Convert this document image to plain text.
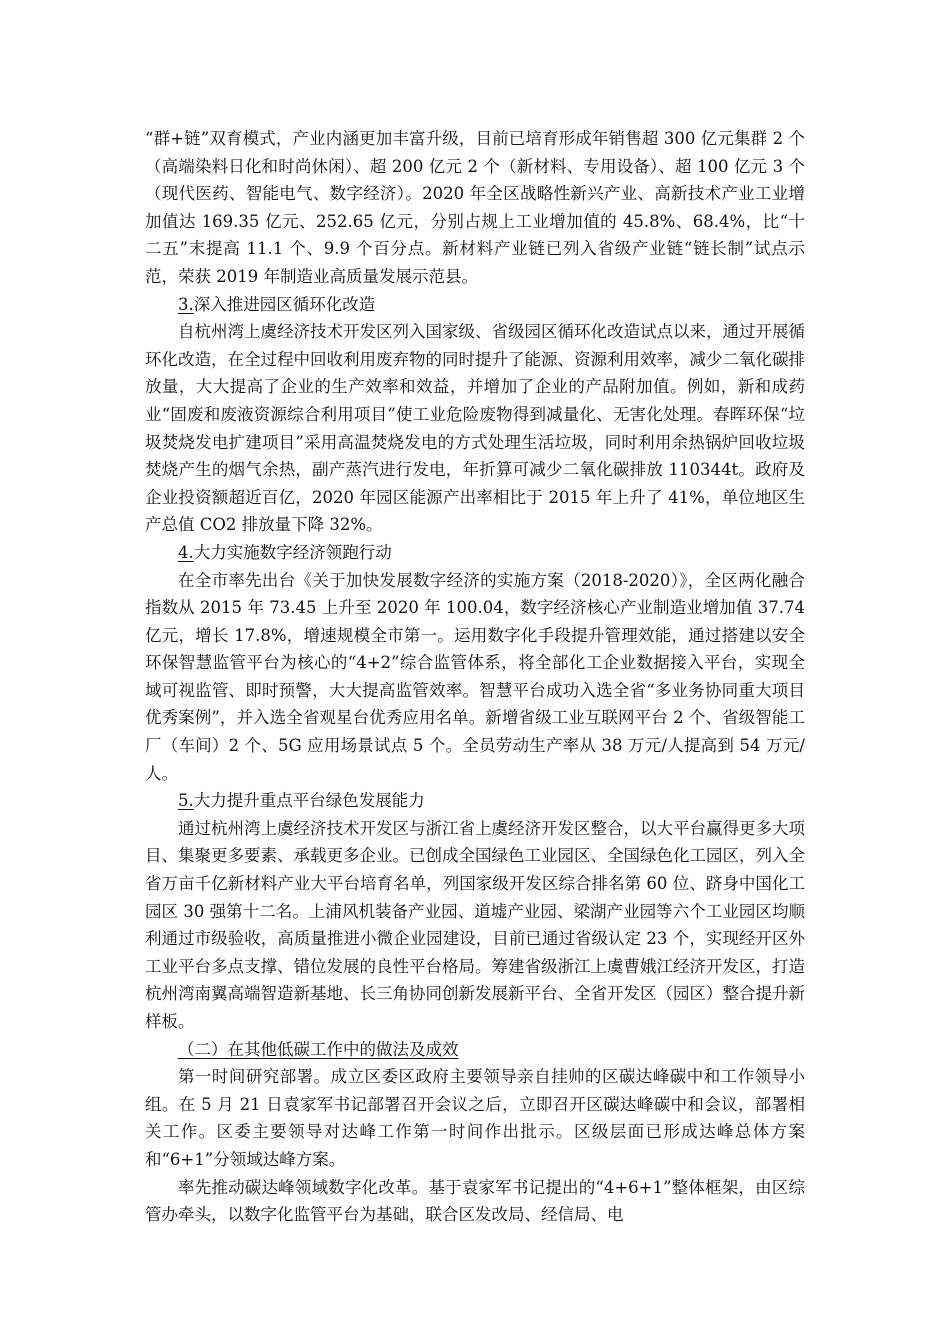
“群+链”双育模式，产业内涵更加丰富升级，目前已培育形成年销售超 300 亿元集群 2 个（高端染料日化和时尚休闲）、超 200 亿元 2 个（新材料、专用设备）、超 100 亿元 3 个（现代医药、智能电气、数字经济）。2020 年全区战略性新兴产业、高新技术产业工业增加值达 169.35 亿元、252.65 亿元，分别占规上工业增加值的 45.8%、68.4%，比“十二五”末提高 11.1 个、9.9 个百分点。新材料产业链已列入省级产业链“链长制”试点示范，荣获 2019 年制造业高质量发展示范县。

3.深入推进园区循环化改造

自杭州湾上虞经济技术开发区列入国家级、省级园区循环化改造试点以来，通过开展循环化改造，在全过程中回收利用废弃物的同时提升了能源、资源利用效率，减少二氧化碳排放量，大大提高了企业的生产效率和效益，并增加了企业的产品附加值。例如，新和成药业“固废和废液资源综合利用项目”使工业危险废物得到减量化、无害化处理。春晖环保“垃圾焚烧发电扩建项目”采用高温焚烧发电的方式处理生活垃圾，同时利用余热锅炉回收垃圾焚烧产生的烟气余热，副产蒸汽进行发电，年折算可减少二氧化碳排放 110344t。政府及企业投资额超近百亿，2020 年园区能源产出率相比于 2015 年上升了 41%，单位地区生产总值 CO2 排放量下降 32%。

4.大力实施数字经济领跑行动

在全市率先出台《关于加快发展数字经济的实施方案（2018-2020）》，全区两化融合指数从 2015 年 73.45 上升至 2020 年 100.04，数字经济核心产业制造业增加值 37.74 亿元，增长 17.8%，增速规模全市第一。运用数字化手段提升管理效能，通过搭建以安全环保智慧监管平台为核心的“4+2”综合监管体系，将全部化工企业数据接入平台，实现全域可视监管、即时预警，大大提高监管效率。智慧平台成功入选全省“多业务协同重大项目优秀案例”，并入选全省观星台优秀应用名单。新增省级工业互联网平台 2 个、省级智能工厂（车间）2 个、5G 应用场景试点 5 个。全员劳动生产率从 38 万元/人提高到 54 万元/人。

5.大力提升重点平台绿色发展能力

通过杭州湾上虞经济技术开发区与浙江省上虞经济开发区整合，以大平台赢得更多大项目、集聚更多要素、承载更多企业。已创成全国绿色工业园区、全国绿色化工园区，列入全省万亩千亿新材料产业大平台培育名单，列国家级开发区综合排名第 60 位、跻身中国化工园区 30 强第十二名。上浦风机装备产业园、道墟产业园、梁湖产业园等六个工业园区均顺利通过市级验收，高质量推进小微企业园建设，目前已通过省级认定 23 个，实现经开区外工业平台多点支撑、错位发展的良性平台格局。筹建省级浙江上虞曹娥江经济开发区，打造杭州湾南翼高端智造新基地、长三角协同创新发展新平台、全省开发区（园区）整合提升新样板。

（二）在其他低碳工作中的做法及成效

第一时间研究部署。成立区委区政府主要领导亲自挂帅的区碳达峰碳中和工作领导小组。在 5 月 21 日袁家军书记部署召开会议之后，立即召开区碳达峰碳中和会议，部署相关工作。区委主要领导对达峰工作第一时间作出批示。区级层面已形成达峰总体方案和“6+1”分领域达峰方案。

率先推动碳达峰领域数字化改革。基于袁家军书记提出的“4+6+1”整体框架，由区综管办牵头，以数字化监管平台为基础，联合区发改局、经信局、电
